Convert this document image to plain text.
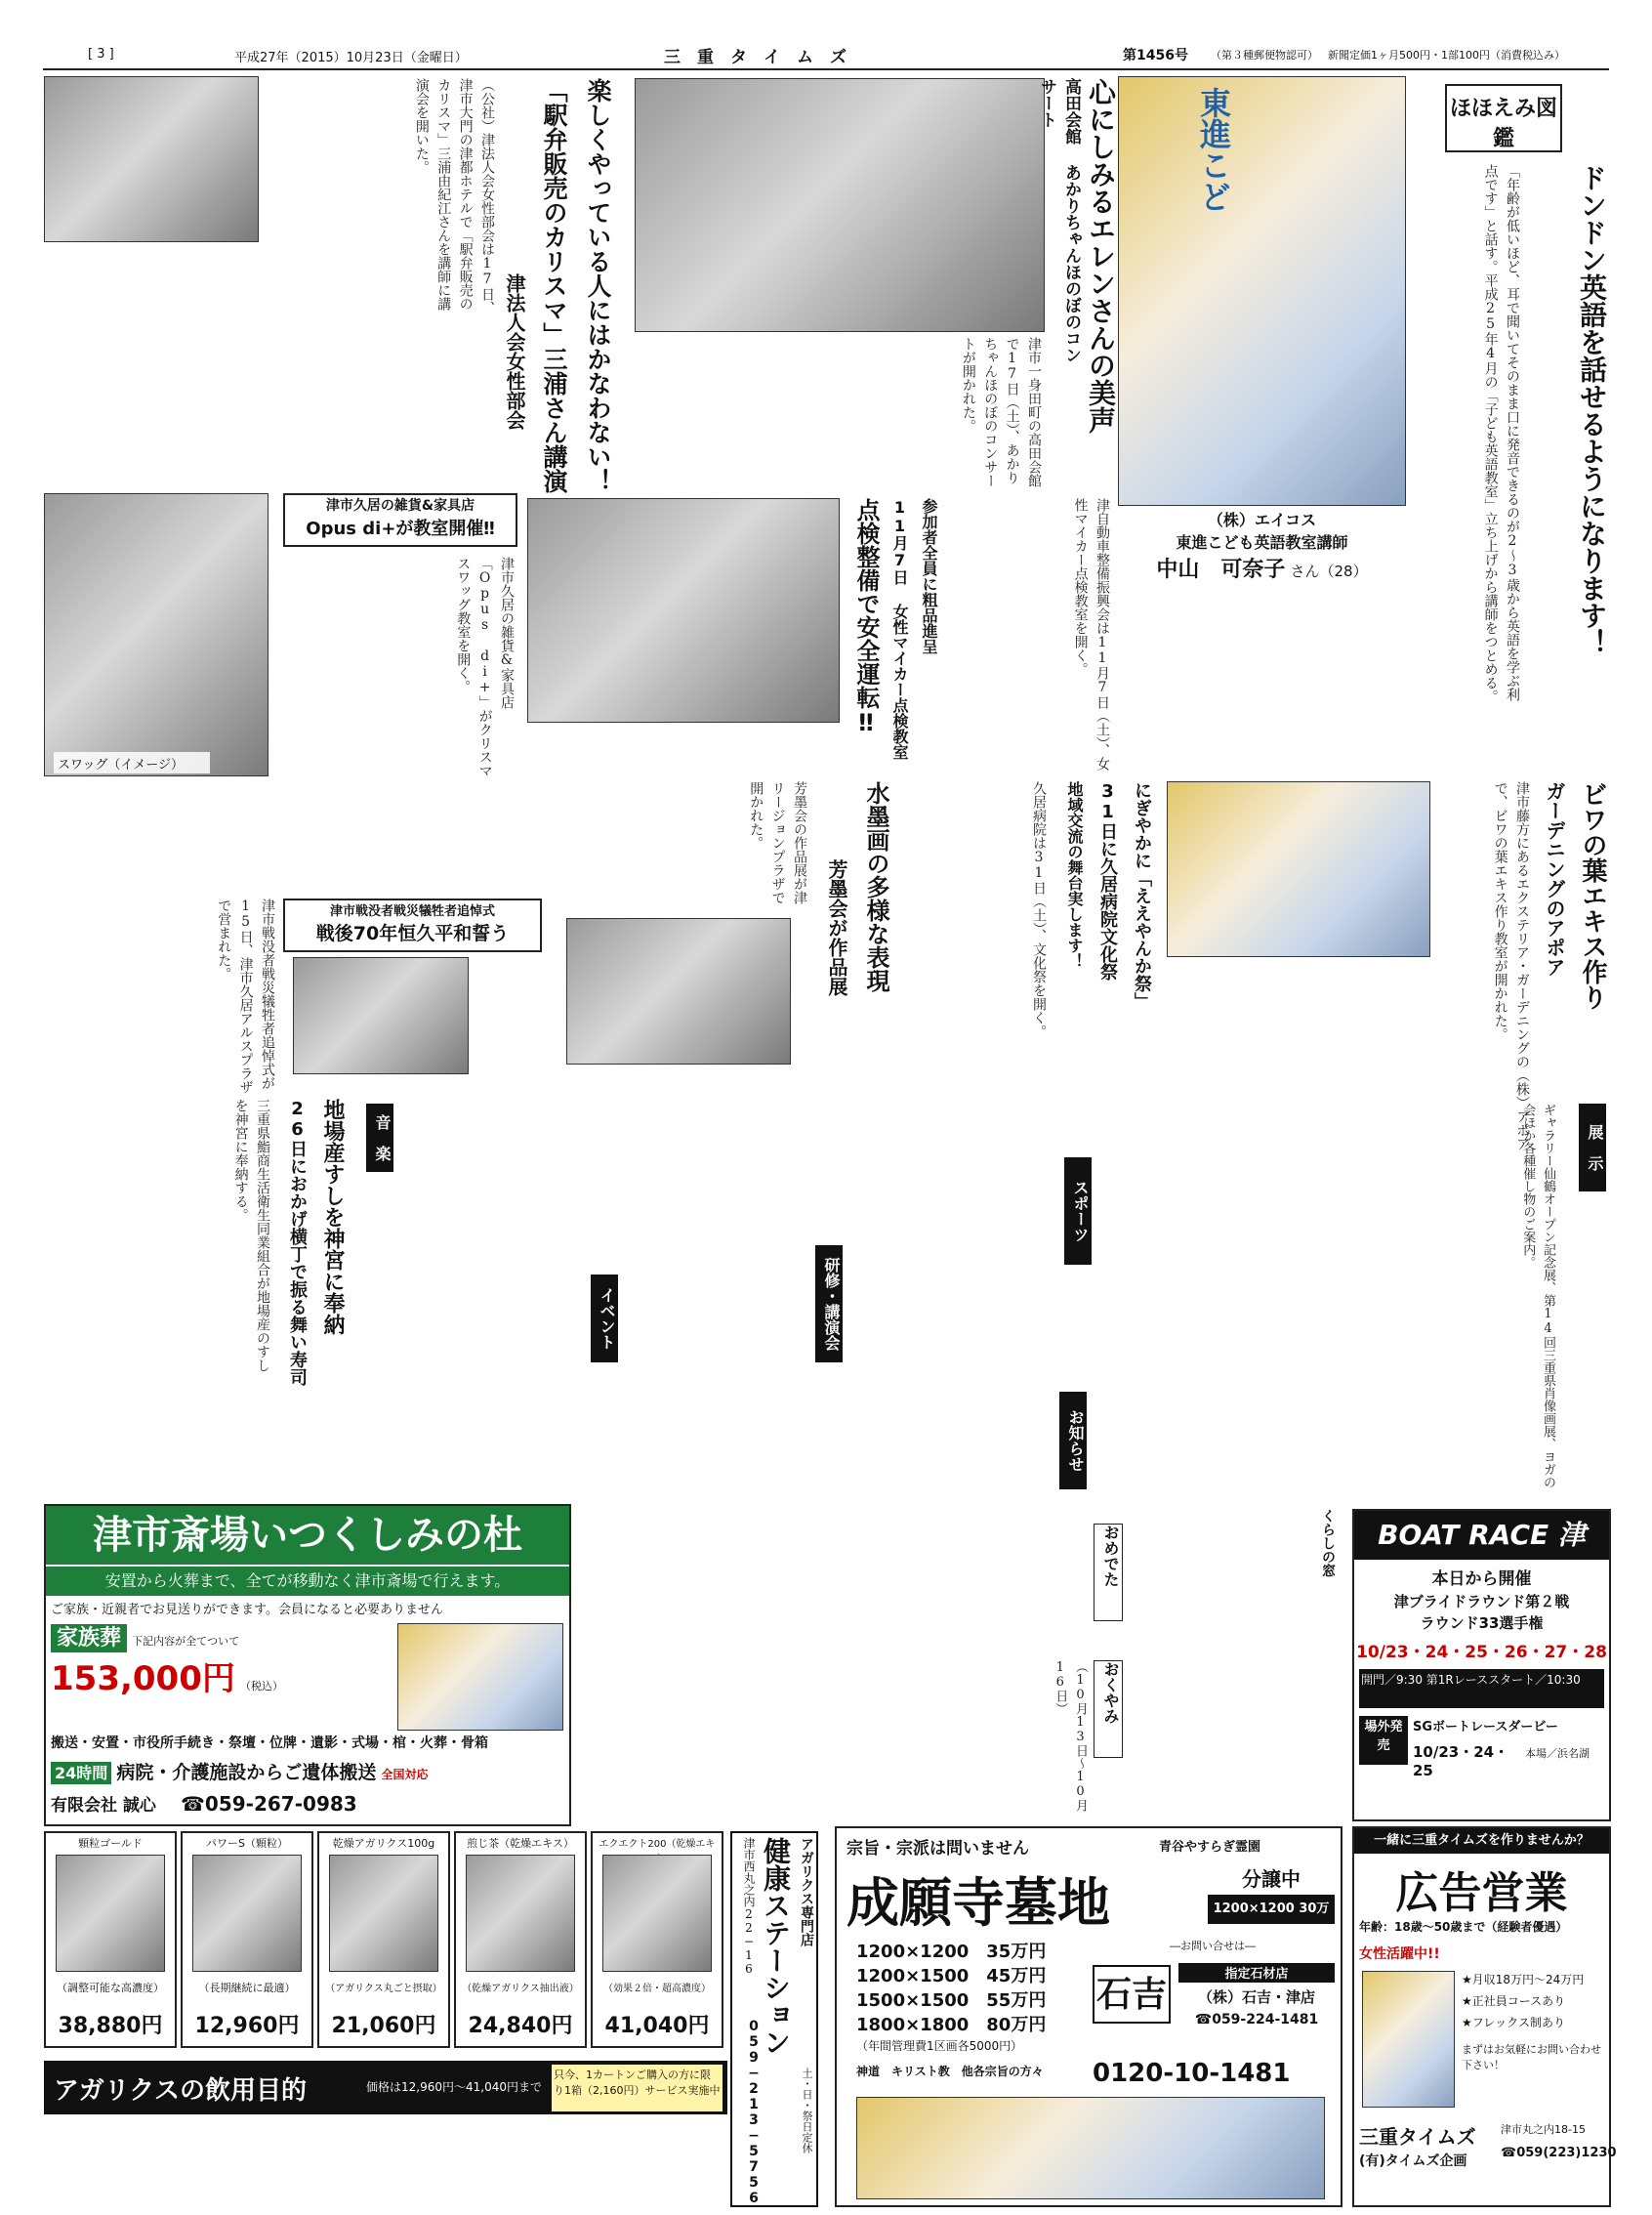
[ 3 ]	平成27年（2015）10月23日（金曜日）	三　重　タ　イ　ム　ズ	第1456号 （第３種郵便物認可） 新聞定価1ヶ月500円・1部100円（消費税込み）
ほほえみ図鑑
ドンドン英語を話せるようになります！
「年齢が低いほど、耳で聞いてそのまま口に発音できるのが2〜3歳から英語を学ぶ利点です」と話す。平成25年4月の「子ども英語教室」立ち上げから講師をつとめる。
東進こど
（株）エイコス
東進こども英語教室講師
中山　可奈子 さん（28）
高田会館 あかりちゃんほのぼのコンサート	心にしみるエレンさんの美声
津市一身田町の高田会館で17日（土）、あかりちゃんほのぼのコンサートが開かれた。
楽しくやっている人にはかなわない！
「駅弁販売のカリスマ」三浦さん講演
津法人会女性部会
（公社）津法人会女性部会は17日、津市大門の津都ホテルで「駅弁販売のカリスマ」三浦由紀江さんを講師に講演会を開いた。
点検整備で安全運転‼ 11月7日 女性マイカー点検教室 参加者全員に粗品進呈	津自動車整備振興会は11月7日（土）、女性マイカー点検教室を開く。
津市久居の雑貨&家具店
Opus di+が教室開催‼
スワッグ（イメージ）
津市久居の雑貨&家具店「Opus di+」がクリスマスワッグ教室を開く。
ビワの葉エキス作り
ガーデニングのアポア
津市藤方にあるエクステリア・ガーデニングの（株）アポアで、ビワの葉エキス作り教室が開かれた。
水墨画の多様な表現
芳墨会が作品展
芳墨会の作品展が津リージョンプラザで開かれた。	にぎやかに「ええやんか祭」
31日に久居病院文化祭
地域交流の舞台実します！
久居病院は31日（土）、文化祭を開く。
津市戦没者戦災犠牲者追悼式
戦後70年恒久平和誓う
津市戦没者戦災犠牲者追悼式が15日、津市久居アルスプラザで営まれた。
地場産すしを神宮に奉納
26日におかげ横丁で振る舞い寿司
三重県鮨商生活衛生同業組合が地場産のすしを神宮に奉納する。	展　示
音　楽
イベント	研修・講演会
スポーツ
お知らせ	ギャラリー仙鶴オープン記念展、第14回三重県肖像画展、ヨガの会ほか各種催し物のご案内。
津市斎場いつくしみの杜
安置から火葬まで、全てが移動なく津市斎場で行えます。
ご家族・近親者でお見送りができます。会員になると必要ありません
家族葬 下記内容が全てついて 153,000円 （税込）
搬送・安置・市役所手続き・祭壇・位牌・遺影・式場・棺・火葬・骨箱
24時間 病院・介護施設からご遺体搬送 全国対応
有限会社 誠心 ☎059-267-0983
くらしの窓
おめでた
おくやみ
（10月13日〜10月16日）
BOAT RACE 津
本日から開催
津ブライドラウンド第２戦
ラウンド33選手権
10/23・24・25・26・27・28
開門／9:30 第1Rレーススタート／10:30
場外発売
SGボートレースダービー
10/23・24・25
本場／浜名湖
顆粒ゴールド
（調整可能な高濃度）
38,880円
パワーS（顆粒）
（長期継続に最適）
12,960円
乾燥アガリクス100g
（アガリクス丸ごと摂取）
21,060円
煎じ茶（乾燥エキス）
（乾燥アガリクス抽出液）
24,840円
エクエクト200（乾燥エキ
（効果２倍・超高濃度）
41,040円
アガリクスの飲用目的	価格は12,960円〜41,040円まで
只今、1カートンご購入の方に限り1箱（2,160円）サービス実施中
アガリクス専門店
健康ステーション
津市西丸之内22−16
059−213−5756	土・日・祭日定休
宗旨・宗派は問いません	青谷やすらぎ霊園
成願寺墓地	分譲中
1200×1200 30万円
1200×1200　35万円
1200×1500　45万円
1500×1500　55万円
1800×1800　80万円
（年間管理費1区画各5000円）
―お問い合せは―
石吉
指定石材店
（株）石吉・津店
☎059-224-1481
0120-10-1481
神道　キリスト教　他各宗旨の方々
一緒に三重タイムズを作りませんか？
広告営業
年齢：18歳〜50歳まで（経験者優遇）
女性活躍中!!
★月収18万円〜24万円
★正社員コースあり
★フレックス制あり
まずはお気軽にお問い合わせ下さい！
三重タイムズ
(有)タイムズ企画
津市丸之内18-15
☎059(223)1230
